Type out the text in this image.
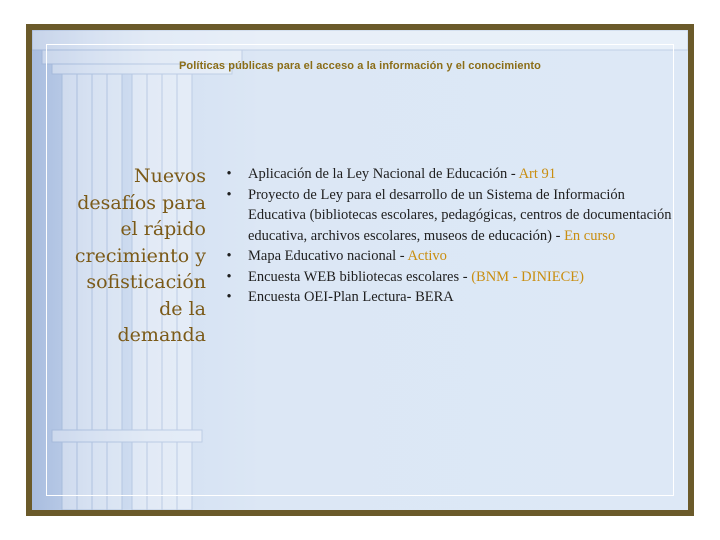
Políticas públicas para el acceso a la información y el conocimiento
Nuevos
desafíos para
el rápido
crecimiento y
sofisticación
de la
demanda
•	Aplicación de la Ley Nacional de Educación - Art 91
•	Proyecto de Ley para el desarrollo de un Sistema de Información Educativa (bibliotecas escolares, pedagógicas, centros de documentación educativa, archivos escolares, museos de educación) - En curso
•	Mapa Educativo nacional - Activo
•	Encuesta WEB bibliotecas escolares - (BNM - DINIECE)
•	Encuesta OEI-Plan Lectura- BERA
